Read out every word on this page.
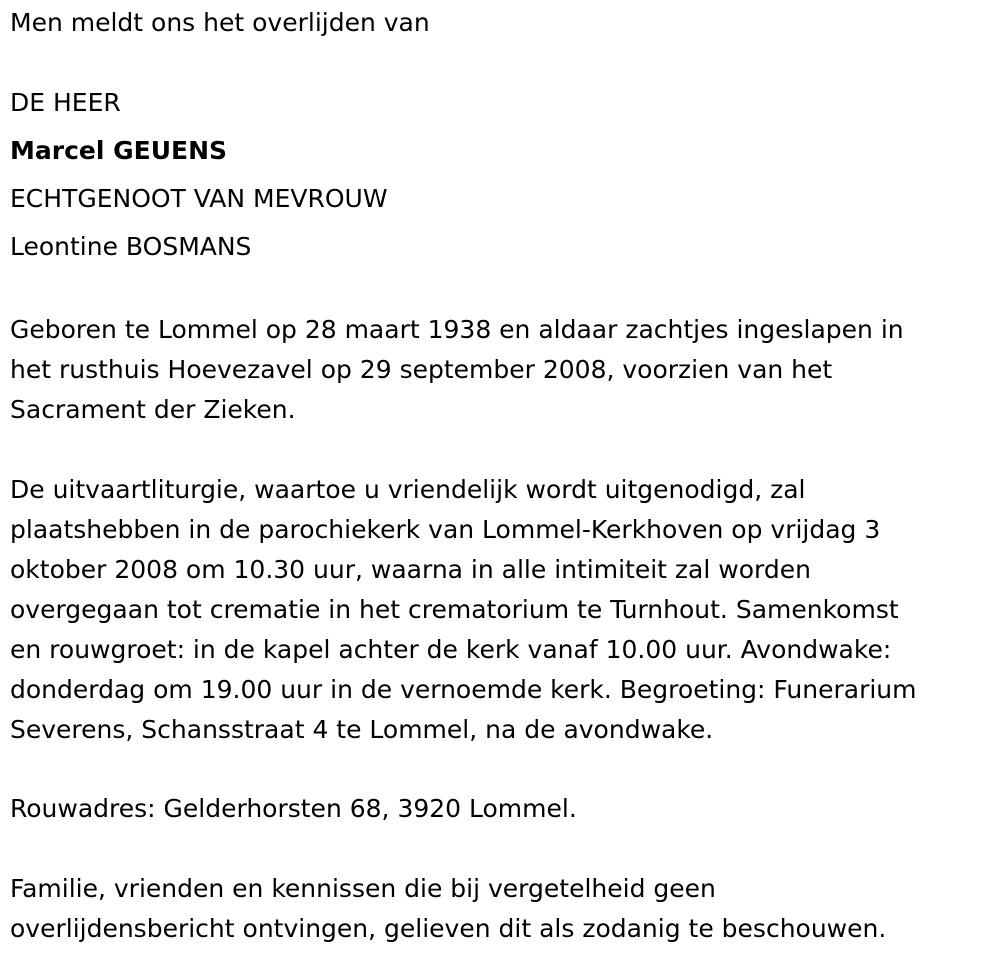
Men meldt ons het overlijden van

DE HEER

Marcel GEUENS

ECHTGENOOT VAN MEVROUW

Leontine BOSMANS

Geboren te Lommel op 28 maart 1938 en aldaar zachtjes ingeslapen in
het rusthuis Hoevezavel op 29 september 2008, voorzien van het
Sacrament der Zieken.

De uitvaartliturgie, waartoe u vriendelijk wordt uitgenodigd, zal
plaatshebben in de parochiekerk van Lommel-Kerkhoven op vrijdag 3
oktober 2008 om 10.30 uur, waarna in alle intimiteit zal worden
overgegaan tot crematie in het crematorium te Turnhout. Samenkomst
en rouwgroet: in de kapel achter de kerk vanaf 10.00 uur. Avondwake:
donderdag om 19.00 uur in de vernoemde kerk. Begroeting: Funerarium
Severens, Schansstraat 4 te Lommel, na de avondwake.

Rouwadres: Gelderhorsten 68, 3920 Lommel.

Familie, vrienden en kennissen die bij vergetelheid geen
overlijdensbericht ontvingen, gelieven dit als zodanig te beschouwen.
